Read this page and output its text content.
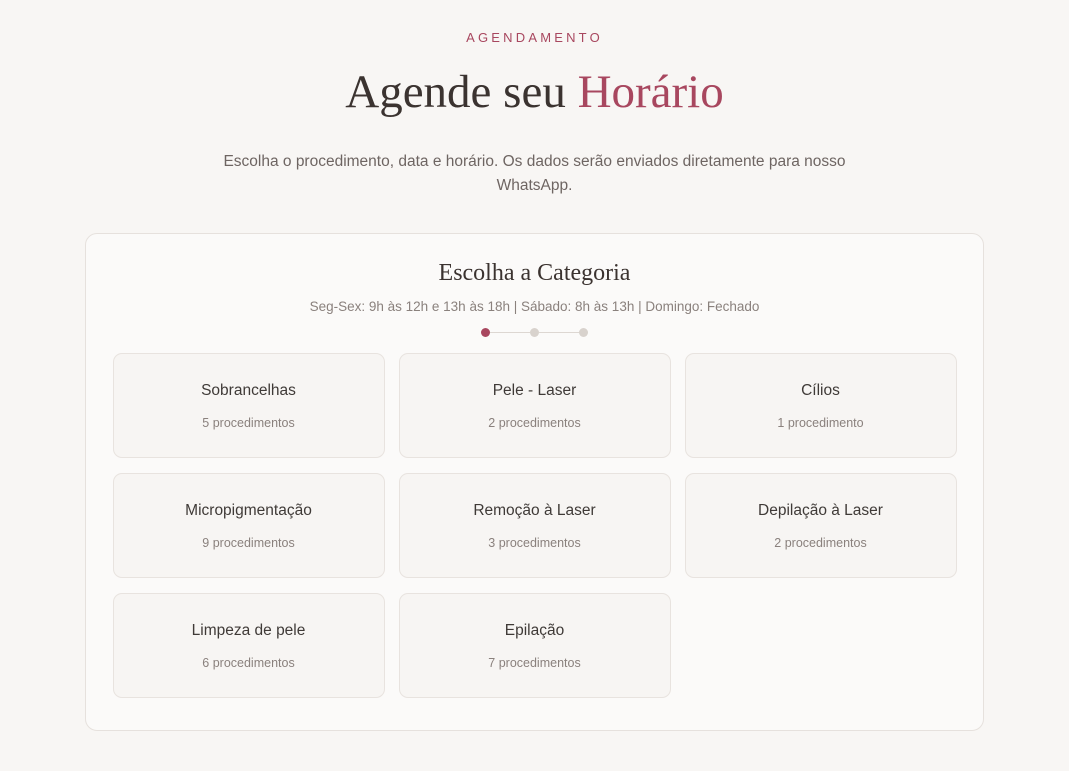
AGENDAMENTO
Agende seu Horário

Escolha o procedimento, data e horário. Os dados serão enviados diretamente para nosso WhatsApp.

Escolha a Categoria
Seg-Sex: 9h às 12h e 13h às 18h | Sábado: 8h às 13h | Domingo: Fechado
Sobrancelhas
5 procedimentos
Pele - Laser
2 procedimentos
Cílios
1 procedimento
Micropigmentação
9 procedimentos
Remoção à Laser
3 procedimentos
Depilação à Laser
2 procedimentos
Limpeza de pele
6 procedimentos
Epilação
7 procedimentos
